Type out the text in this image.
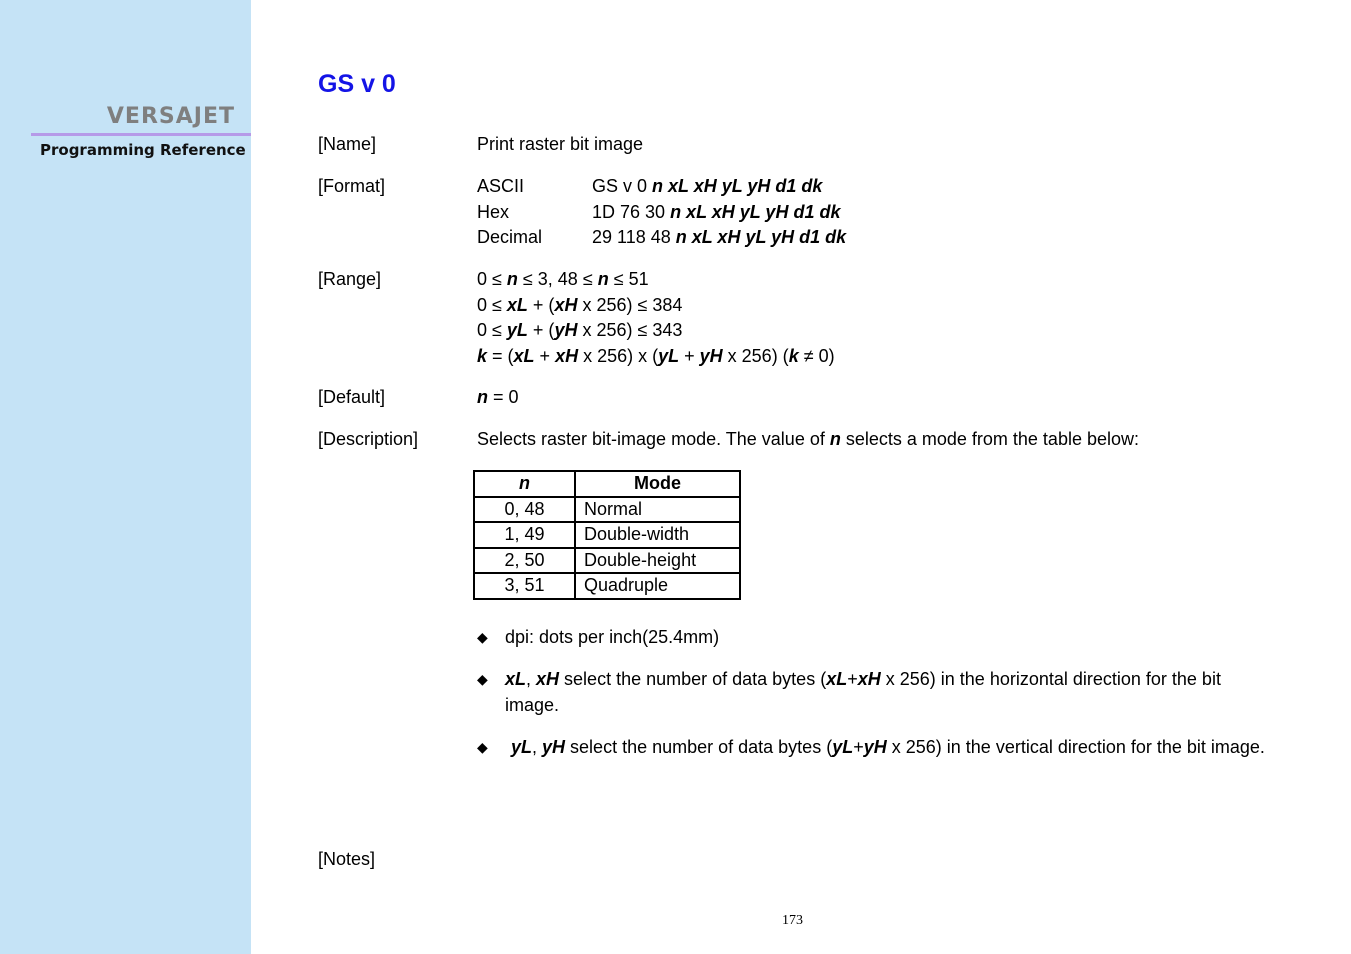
VERSAJET

Programming Reference
GS v 0
[Name]	Print raster bit image
[Format]	ASCII	GS v 0 n xL xH yL yH d1 dk
Hex	1D 76 30 n xL xH yL yH d1 dk
Decimal	29 118 48 n xL xH yL yH d1 dk
[Range]	0 ≤ n ≤ 3, 48 ≤ n ≤ 51
0 ≤ xL + (xH x 256) ≤ 384
0 ≤ yL + (yH x 256) ≤ 343
k = (xL + xH x 256) x (yL + yH x 256) (k ≠ 0)
[Default]	n = 0
[Description]	Selects raster bit-image mode. The value of n selects a mode from the table below:
n	Mode
0, 48	Normal
1, 49	Double-width
2, 50	Double-height
3, 51	Quadruple
◆ dpi: dots per inch(25.4mm)
◆ xL, xH select the number of data bytes (xL+xH x 256) in the horizontal direction for the bit image.
◆	yL, yH select the number of data bytes (yL+yH x 256) in the vertical direction for the bit image.
[Notes]
173
